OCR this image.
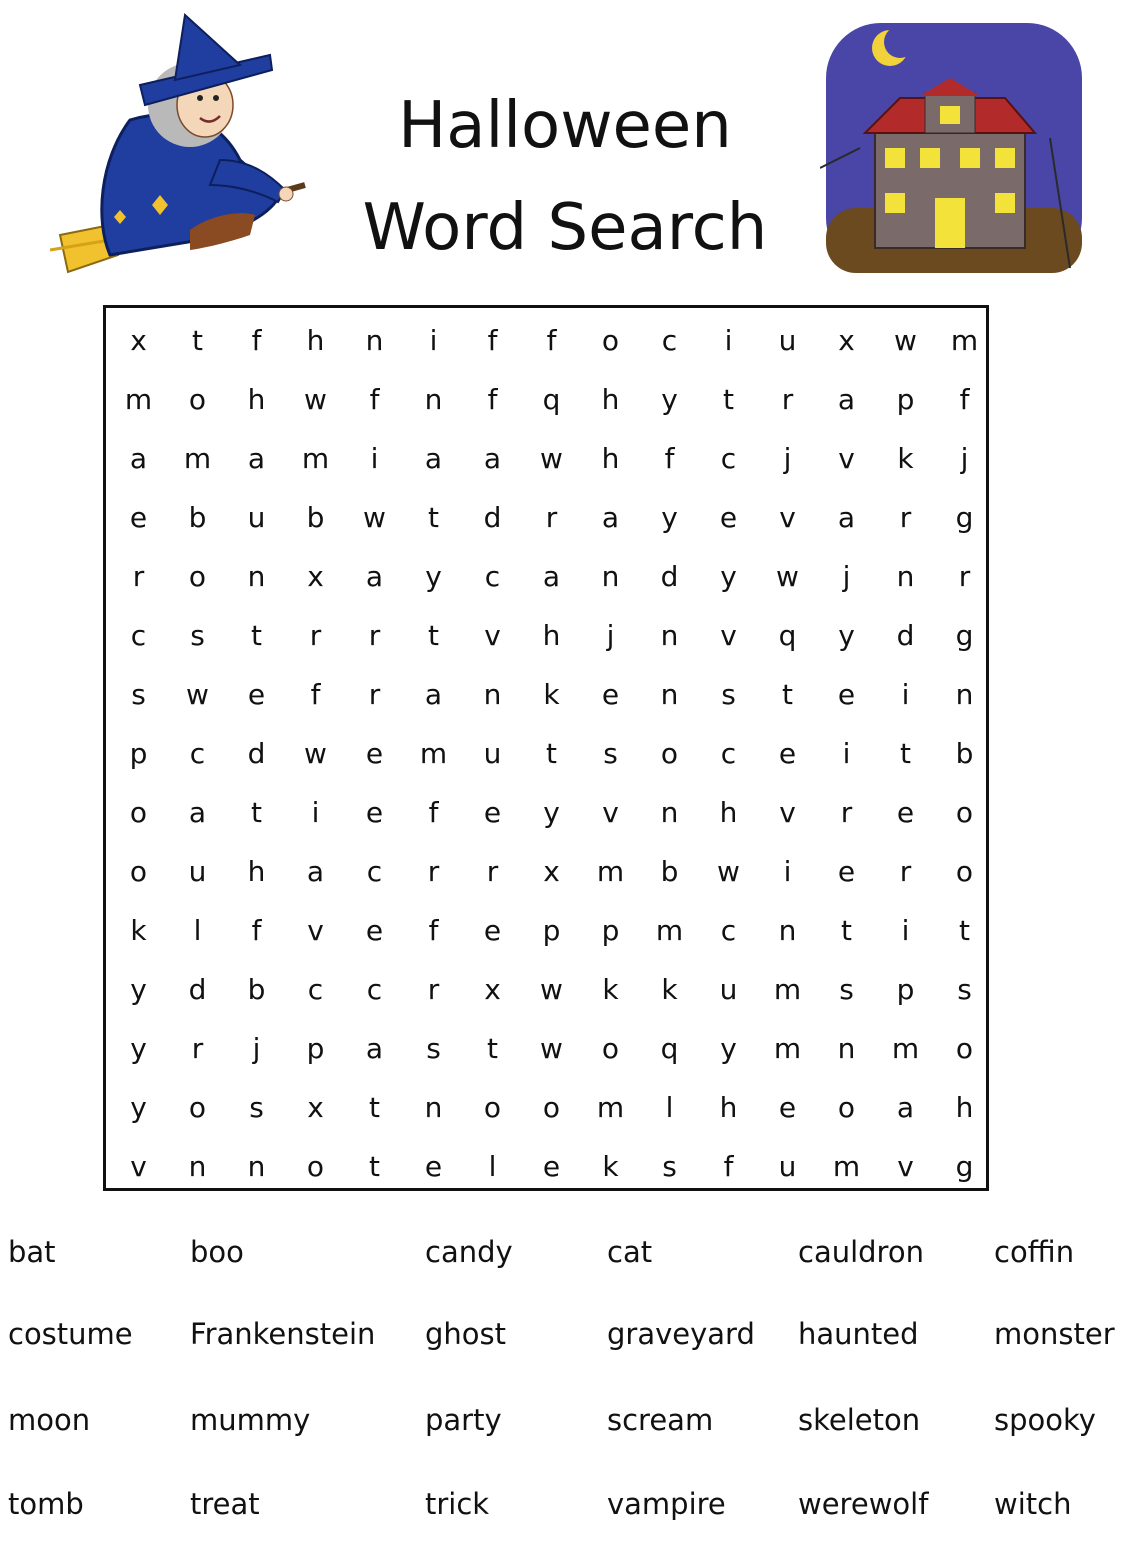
Halloween
Word Search
x	t	f	h	n	i	f	f	o	c	i	u	x	w	m
m	o	h	w	f	n	f	q	h	y	t	r	a	p	f
a	m	a	m	i	a	a	w	h	f	c	j	v	k	j
e	b	u	b	w	t	d	r	a	y	e	v	a	r	g
r	o	n	x	a	y	c	a	n	d	y	w	j	n	r
c	s	t	r	r	t	v	h	j	n	v	q	y	d	g
s	w	e	f	r	a	n	k	e	n	s	t	e	i	n
p	c	d	w	e	m	u	t	s	o	c	e	i	t	b
o	a	t	i	e	f	e	y	v	n	h	v	r	e	o
o	u	h	a	c	r	r	x	m	b	w	i	e	r	o
k	l	f	v	e	f	e	p	p	m	c	n	t	i	t
y	d	b	c	c	r	x	w	k	k	u	m	s	p	s
y	r	j	p	a	s	t	w	o	q	y	m	n	m	o
y	o	s	x	t	n	o	o	m	l	h	e	o	a	h
v	n	n	o	t	e	l	e	k	s	f	u	m	v	g
bat	boo	candy	cat	cauldron coffin
costume Frankenstein ghost	graveyard haunted	monster
moon	mummy	party	scream	skeleton	spooky
tomb	treat	trick	vampire werewolf witch
